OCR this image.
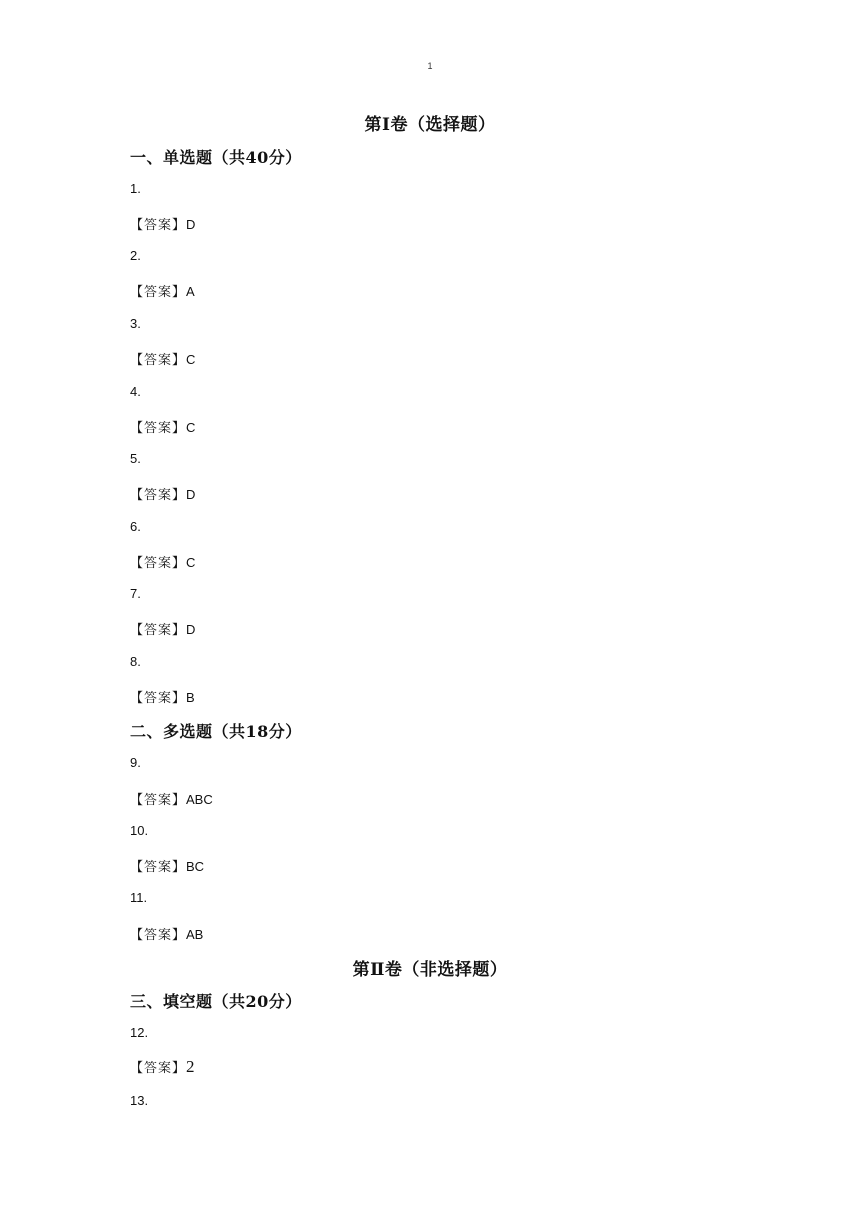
1
第Ⅰ卷（选择题）
一、单选题（共40分）
1.
【答案】D
2.
【答案】A
3.
【答案】C
4.
【答案】C
5.
【答案】D
6.
【答案】C
7.
【答案】D
8.
【答案】B
二、多选题（共18分）
9.
【答案】ABC
10.
【答案】BC
11.
【答案】AB
第Ⅱ卷（非选择题）
三、填空题（共20分）
12.
【答案】2
13.
